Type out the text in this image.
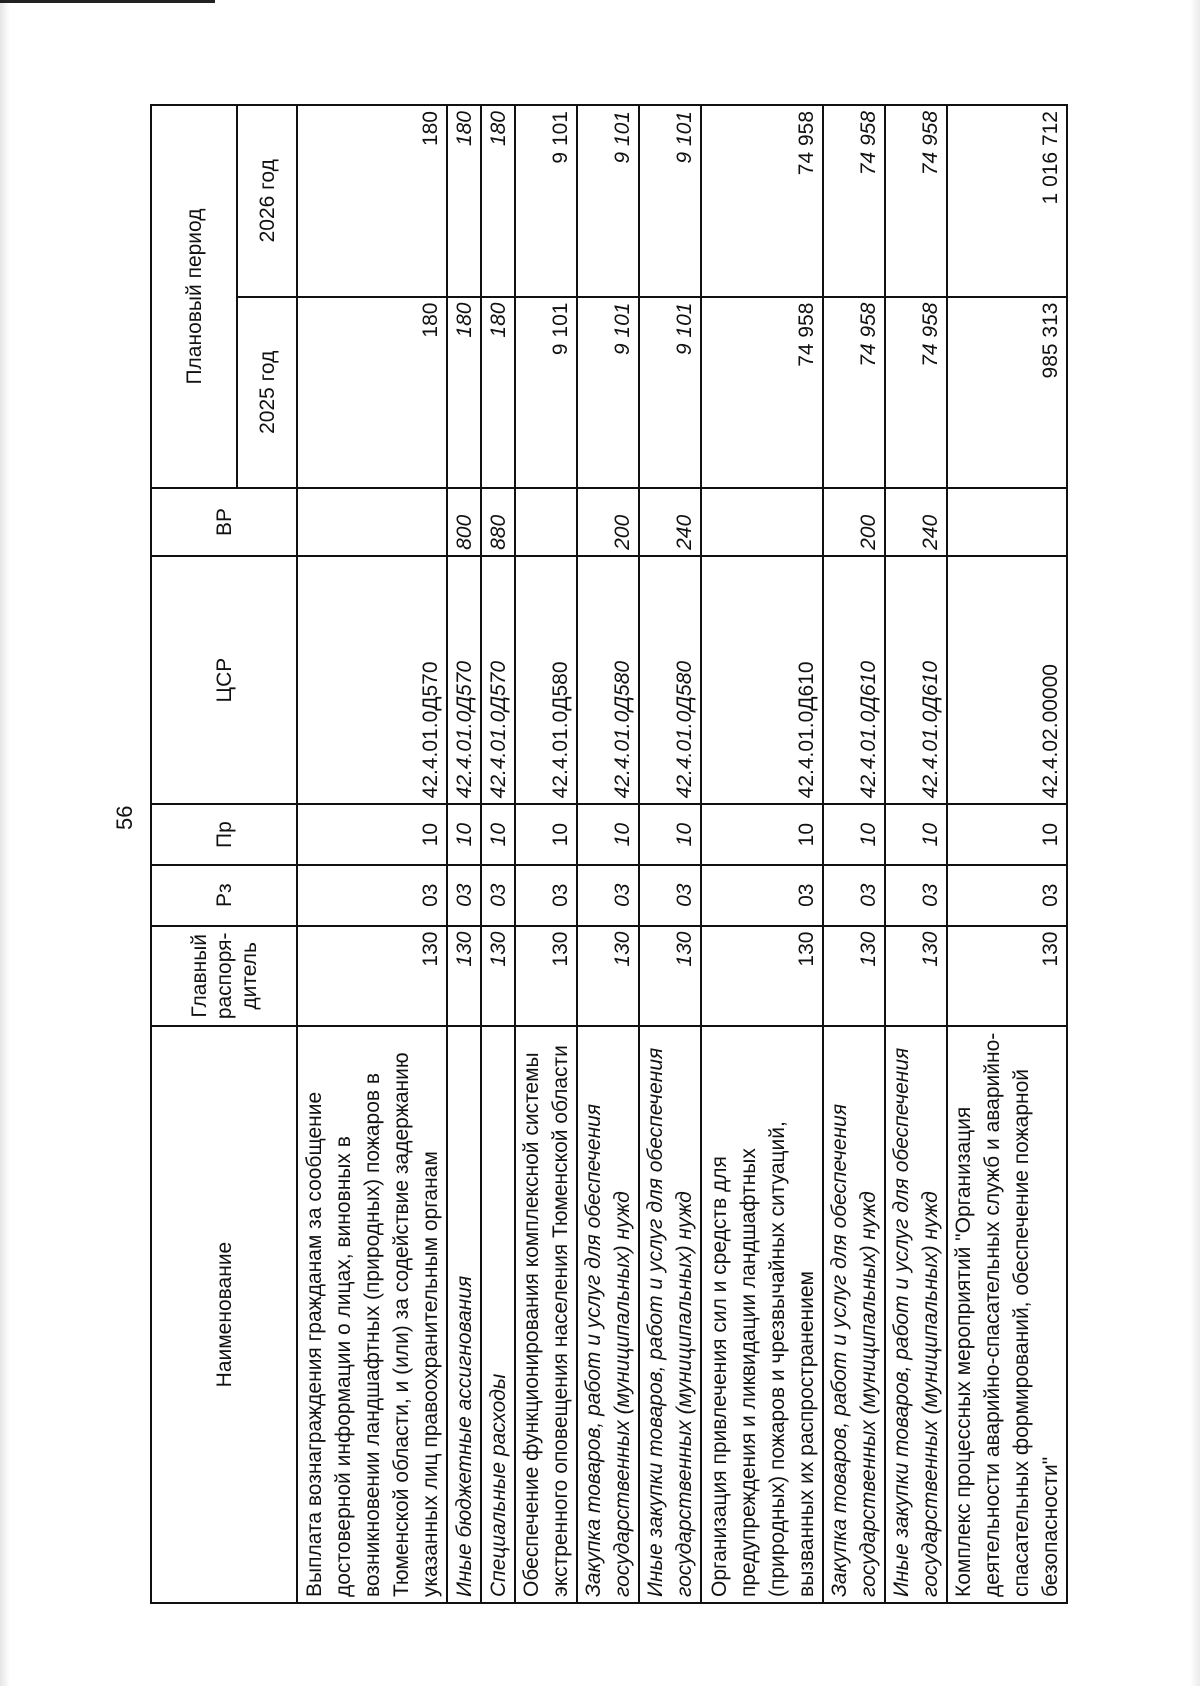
56
Наименование	Главный распоря-дитель	Рз	Пр	ЦСР	ВР	Плановый период	
						2025 год	2026 год
Выплата вознаграждения гражданам за сообщение достоверной информации о лицах, виновных в возникновении ландшафтных (природных) пожаров в Тюменской области, и (или) за содействие задержанию указанных лиц правоохранительным органам	130	03	10	42.4.01.0Д570		180	180
Иные бюджетные ассигнования	130	03	10	42.4.01.0Д570	800	180	180
Специальные расходы	130	03	10	42.4.01.0Д570	880	180	180
Обеспечение функционирования комплексной системы экстренного оповещения населения Тюменской области	130	03	10	42.4.01.0Д580		9 101	9 101
Закупка товаров, работ и услуг для обеспечения государственных (муниципальных) нужд	130	03	10	42.4.01.0Д580	200	9 101	9 101
Иные закупки товаров, работ и услуг для обеспечения государственных (муниципальных) нужд	130	03	10	42.4.01.0Д580	240	9 101	9 101
Организация привлечения сил и средств для предупреждения и ликвидации ландшафтных (природных) пожаров и чрезвычайных ситуаций, вызванных их распространением	130	03	10	42.4.01.0Д610		74 958	74 958
Закупка товаров, работ и услуг для обеспечения государственных (муниципальных) нужд	130	03	10	42.4.01.0Д610	200	74 958	74 958
Иные закупки товаров, работ и услуг для обеспечения государственных (муниципальных) нужд	130	03	10	42.4.01.0Д610	240	74 958	74 958
Комплекс процессных мероприятий "Организация деятельности аварийно-спасательных служб и аварийно-спасательных формирований, обеспечение пожарной безопасности"	130	03	10	42.4.02.00000		985 313	1 016 712
